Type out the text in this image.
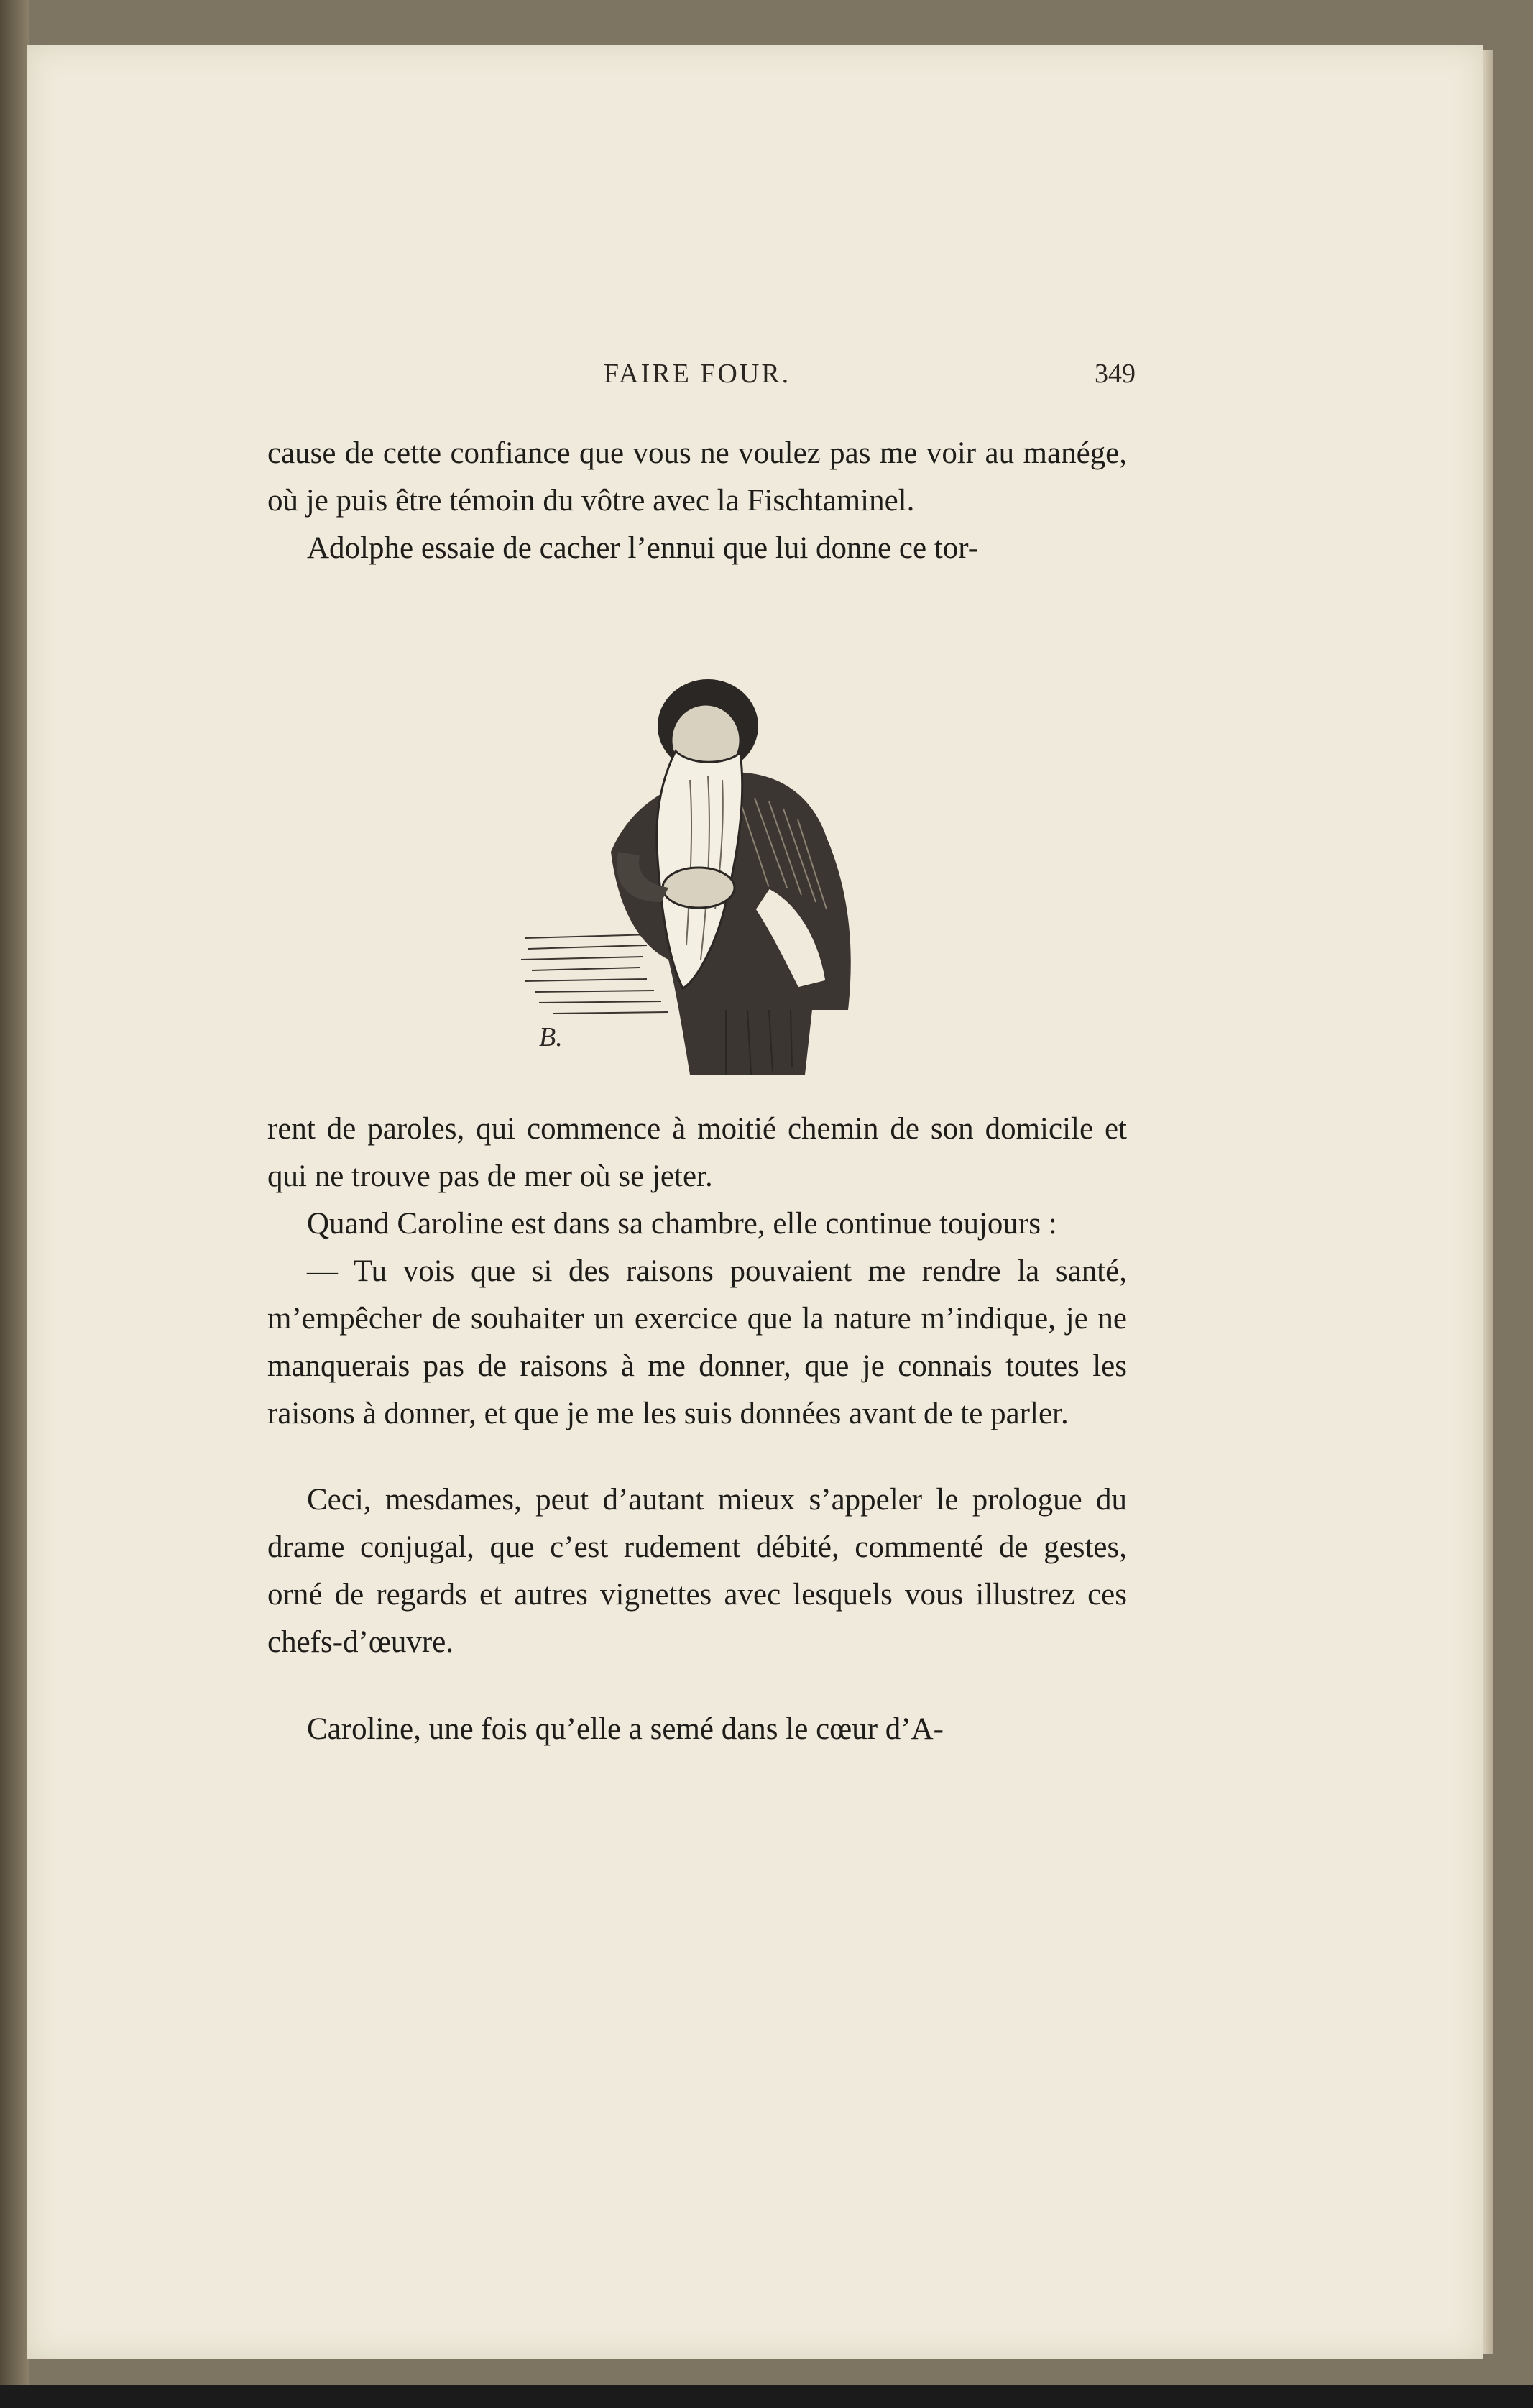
FAIRE FOUR.	349

cause de cette confiance que vous ne voulez pas me voir au manége, où je puis être témoin du vôtre avec la Fischtaminel.

Adolphe essaie de cacher l’ennui que lui donne ce tor-

B.

rent de paroles, qui commence à moitié chemin de son domicile et qui ne trouve pas de mer où se jeter.

Quand Caroline est dans sa chambre, elle continue toujours :

— Tu vois que si des raisons pouvaient me rendre la santé, m’empêcher de souhaiter un exercice que la nature m’indique, je ne manquerais pas de raisons à me donner, que je connais toutes les raisons à donner, et que je me les suis données avant de te parler.

Ceci, mesdames, peut d’autant mieux s’appeler le prologue du drame conjugal, que c’est rudement débité, commenté de gestes, orné de regards et autres vignettes avec lesquels vous illustrez ces chefs-d’œuvre.

Caroline, une fois qu’elle a semé dans le cœur d’A-
